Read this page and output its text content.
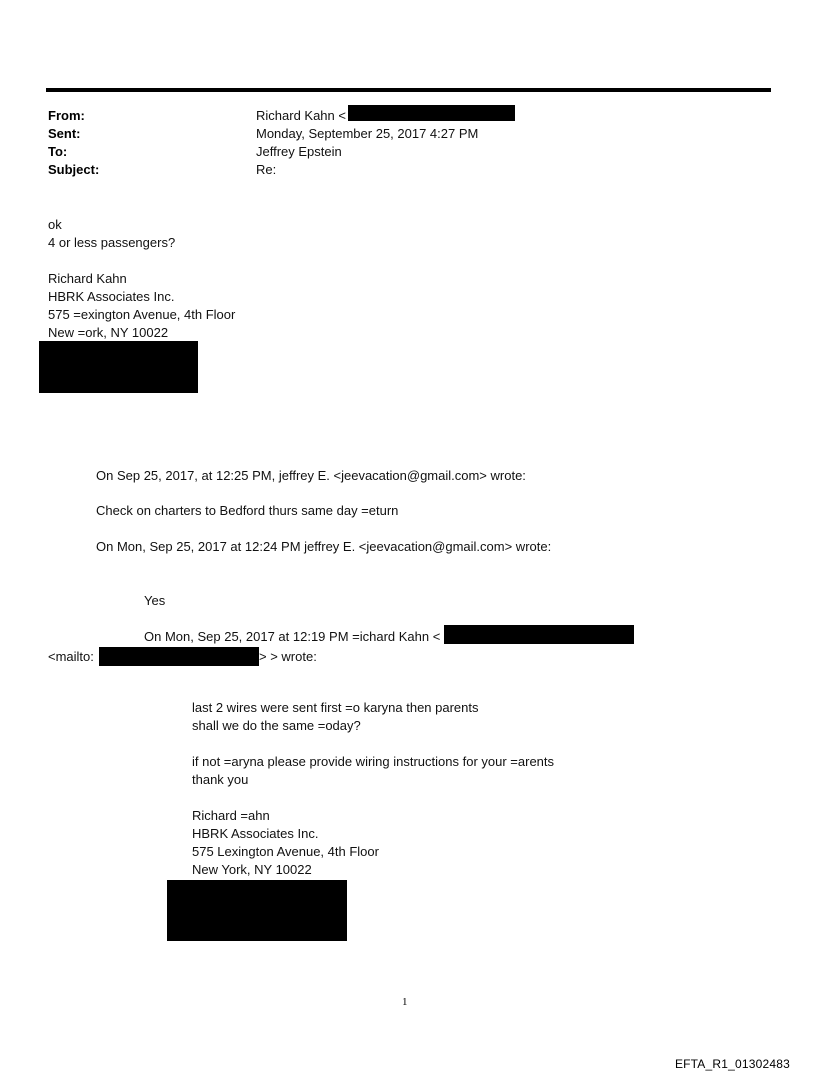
From:	Richard Kahn <
Sent:	Monday, September 25, 2017 4:27 PM
To:	Jeffrey Epstein
Subject:	Re:
ok
4 or less passengers?
Richard Kahn
HBRK Associates Inc.
575 =exington Avenue, 4th Floor
New =ork, NY 10022
On Sep 25, 2017, at 12:25 PM, jeffrey E. <jeevacation@gmail.com> wrote:
Check on charters to Bedford thurs same day =eturn
On Mon, Sep 25, 2017 at 12:24 PM jeffrey E. <jeevacation@gmail.com> wrote:
Yes
On Mon, Sep 25, 2017 at 12:19 PM =ichard Kahn <
<mailto:	> > wrote:
last 2 wires were sent first =o karyna then parents
shall we do the same =oday?
if not =aryna please provide wiring instructions for your =arents
thank you
Richard =ahn
HBRK Associates Inc.
575 Lexington Avenue, 4th Floor
New York, NY 10022
1
EFTA_R1_01302483
